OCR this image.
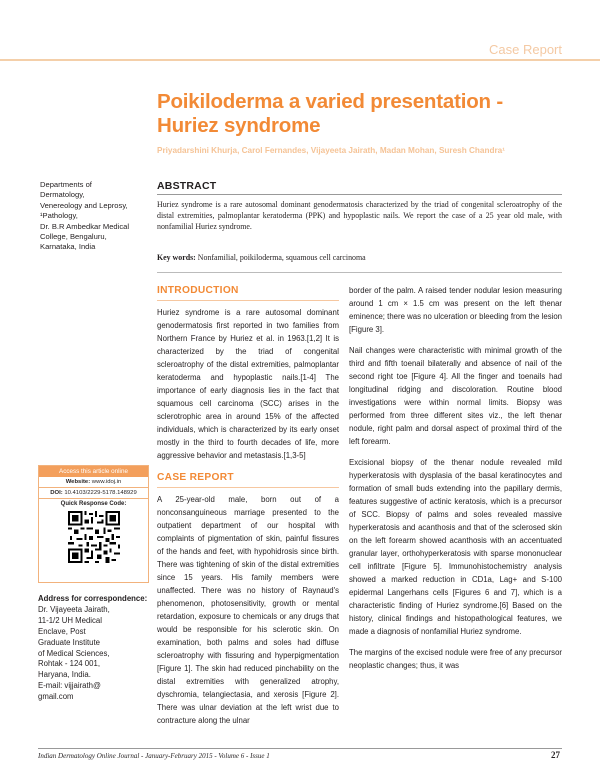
Case Report
Poikiloderma a varied presentation - Huriez syndrome
Priyadarshini Khurja, Carol Fernandes, Vijayeeta Jairath, Madan Mohan, Suresh Chandra¹
Departments of
Dermatology,
Venereology and Leprosy,
¹Pathology,
Dr. B.R Ambedkar Medical
College, Bengaluru,
Karnataka, India
ABSTRACT
Huriez syndrome is a rare autosomal dominant genodermatosis characterized by the triad of congenital scleroatrophy of the distal extremities, palmoplantar keratoderma (PPK) and hypoplastic nails. We report the case of a 25 year old male, with nonfamilial Huriez syndrome.
Key words: Nonfamilial, poikiloderma, squamous cell carcinoma
INTRODUCTION

Huriez syndrome is a rare autosomal dominant genodermatosis first reported in two families from Northern France by Huriez et al. in 1963.[1,2] It is characterized by the triad of congenital scleroatrophy of the distal extremities, palmoplantar keratoderma and hypoplastic nails.[1-4] The importance of early diagnosis lies in the fact that squamous cell carcinoma (SCC) arises in the sclerotrophic area in around 15% of the affected individuals, which is characterized by its early onset mostly in the third to fourth decades of life, more aggressive behavior and metastasis.[1,3-5]

CASE REPORT

A 25-year-old male, born out of a nonconsanguineous marriage presented to the outpatient department of our hospital with complaints of pigmentation of skin, painful fissures of the hands and feet, with hypohidrosis since birth. There was tightening of skin of the distal extremities since 15 years. His family members were unaffected. There was no history of Raynaud's phenomenon, photosensitivity, growth or mental retardation, exposure to chemicals or any drugs that would be responsible for his sclerotic skin. On examination, both palms and soles had diffuse scleroatrophy with fissuring and hyperpigmentation [Figure 1]. The skin had reduced pinchability on the distal extremities with generalized atrophy, dyschromia, telangiectasia, and xerosis [Figure 2]. There was ulnar deviation at the left wrist due to contracture along the ulnar

border of the palm. A raised tender nodular lesion measuring around 1 cm × 1.5 cm was present on the left thenar eminence; there was no ulceration or bleeding from the lesion [Figure 3].

Nail changes were characteristic with minimal growth of the third and fifth toenail bilaterally and absence of nail of the second right toe [Figure 4]. All the finger and toenails had longitudinal ridging and discoloration. Routine blood investigations were within normal limits. Biopsy was performed from three different sites viz., the left thenar nodule, right palm and dorsal aspect of proximal third of the left forearm.

Excisional biopsy of the thenar nodule revealed mild hyperkeratosis with dysplasia of the basal keratinocytes and formation of small buds extending into the papillary dermis, features suggestive of actinic keratosis, which is a precursor of SCC. Biopsy of palms and soles revealed massive hyperkeratosis and acanthosis and that of the sclerosed skin on the left forearm showed acanthosis with an accentuated granular layer, orthohyperkeratosis with sparse mononuclear cell infiltrate [Figure 5]. Immunohistochemistry analysis showed a marked reduction in CD1a, Lag+ and S-100 epidermal Langerhans cells [Figures 6 and 7], which is a characteristic finding of Huriez syndrome.[6] Based on the history, clinical findings and histopathological features, we made a diagnosis of nonfamilial Huriez syndrome.

The margins of the excised nodule were free of any precursor neoplastic changes; thus, it was

Access this article online
Website: www.idoj.in
DOI: 10.4103/2229-5178.148929
Quick Response Code:
Address for correspondence:
Dr. Vijayeeta Jairath,
11-1/2 UH Medical
Enclave, Post
Graduate Institute
of Medical Sciences,
Rohtak - 124 001,
Haryana, India.
E-mail: vijjairath@
gmail.com
Indian Dermatology Online Journal - January-February 2015 - Volume 6 - Issue 1	27
